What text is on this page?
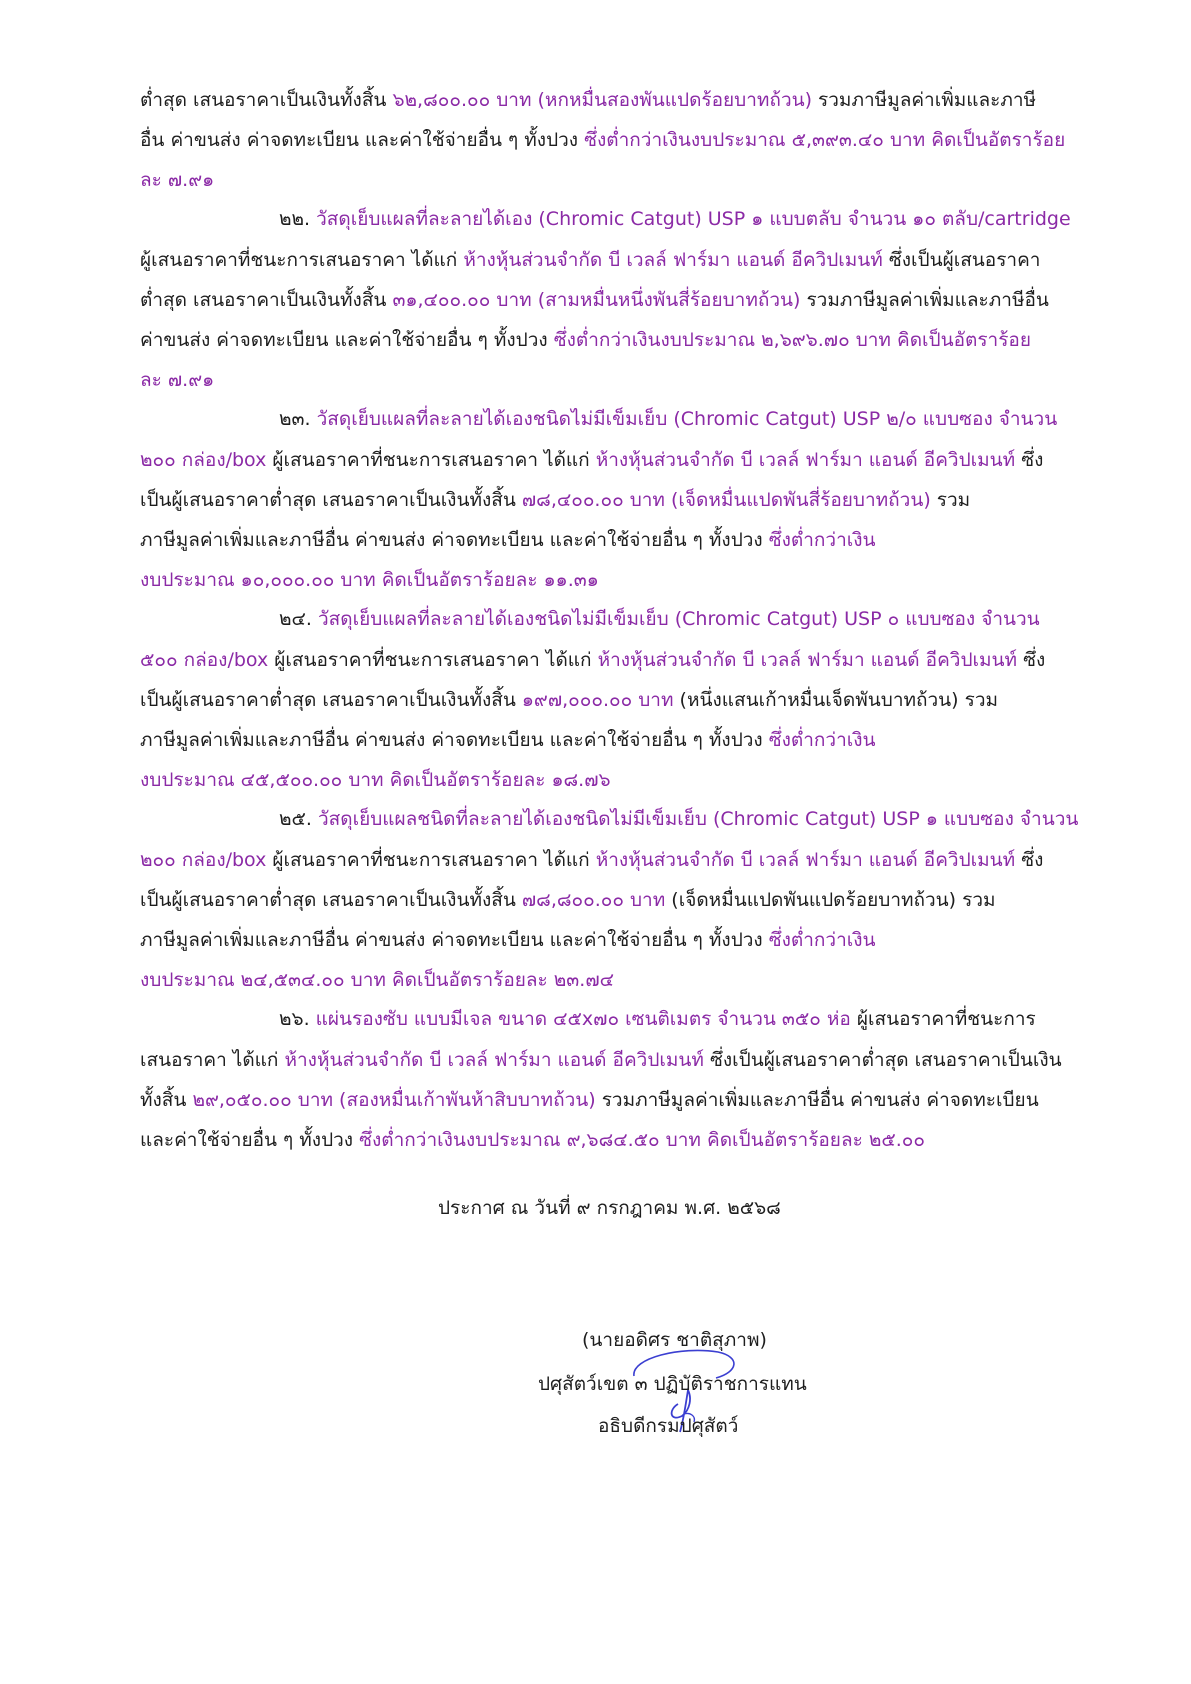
ต่ำสุด เสนอราคาเป็นเงินทั้งสิ้น ๖๒,๘๐๐.๐๐ บาท (หกหมื่นสองพันแปดร้อยบาทถ้วน) รวมภาษีมูลค่าเพิ่มและภาษี
อื่น ค่าขนส่ง ค่าจดทะเบียน และค่าใช้จ่ายอื่น ๆ ทั้งปวง ซึ่งต่ำกว่าเงินงบประมาณ ๕,๓๙๓.๔๐ บาท คิดเป็นอัตราร้อย
ละ ๗.๙๑
๒๒. วัสดุเย็บแผลที่ละลายได้เอง (Chromic Catgut) USP ๑ แบบตลับ จำนวน ๑๐ ตลับ/cartridge
ผู้เสนอราคาที่ชนะการเสนอราคา ได้แก่ ห้างหุ้นส่วนจำกัด บี เวลล์ ฟาร์มา แอนด์ อีควิปเมนท์ ซึ่งเป็นผู้เสนอราคา
ต่ำสุด เสนอราคาเป็นเงินทั้งสิ้น ๓๑,๔๐๐.๐๐ บาท (สามหมื่นหนึ่งพันสี่ร้อยบาทถ้วน) รวมภาษีมูลค่าเพิ่มและภาษีอื่น
ค่าขนส่ง ค่าจดทะเบียน และค่าใช้จ่ายอื่น ๆ ทั้งปวง ซึ่งต่ำกว่าเงินงบประมาณ ๒,๖๙๖.๗๐ บาท คิดเป็นอัตราร้อย
ละ ๗.๙๑
๒๓. วัสดุเย็บแผลที่ละลายได้เองชนิดไม่มีเข็มเย็บ (Chromic Catgut) USP ๒/๐ แบบซอง จำนวน
๒๐๐ กล่อง/box ผู้เสนอราคาที่ชนะการเสนอราคา ได้แก่ ห้างหุ้นส่วนจำกัด บี เวลล์ ฟาร์มา แอนด์ อีควิปเมนท์ ซึ่ง
เป็นผู้เสนอราคาต่ำสุด เสนอราคาเป็นเงินทั้งสิ้น ๗๘,๔๐๐.๐๐ บาท (เจ็ดหมื่นแปดพันสี่ร้อยบาทถ้วน) รวม
ภาษีมูลค่าเพิ่มและภาษีอื่น ค่าขนส่ง ค่าจดทะเบียน และค่าใช้จ่ายอื่น ๆ ทั้งปวง ซึ่งต่ำกว่าเงิน
งบประมาณ ๑๐,๐๐๐.๐๐ บาท คิดเป็นอัตราร้อยละ ๑๑.๓๑
๒๔. วัสดุเย็บแผลที่ละลายได้เองชนิดไม่มีเข็มเย็บ (Chromic Catgut) USP ๐ แบบซอง จำนวน
๕๐๐ กล่อง/box ผู้เสนอราคาที่ชนะการเสนอราคา ได้แก่ ห้างหุ้นส่วนจำกัด บี เวลล์ ฟาร์มา แอนด์ อีควิปเมนท์ ซึ่ง
เป็นผู้เสนอราคาต่ำสุด เสนอราคาเป็นเงินทั้งสิ้น ๑๙๗,๐๐๐.๐๐ บาท (หนึ่งแสนเก้าหมื่นเจ็ดพันบาทถ้วน) รวม
ภาษีมูลค่าเพิ่มและภาษีอื่น ค่าขนส่ง ค่าจดทะเบียน และค่าใช้จ่ายอื่น ๆ ทั้งปวง ซึ่งต่ำกว่าเงิน
งบประมาณ ๔๕,๕๐๐.๐๐ บาท คิดเป็นอัตราร้อยละ ๑๘.๗๖
๒๕. วัสดุเย็บแผลชนิดที่ละลายได้เองชนิดไม่มีเข็มเย็บ (Chromic Catgut) USP ๑ แบบซอง จำนวน
๒๐๐ กล่อง/box ผู้เสนอราคาที่ชนะการเสนอราคา ได้แก่ ห้างหุ้นส่วนจำกัด บี เวลล์ ฟาร์มา แอนด์ อีควิปเมนท์ ซึ่ง
เป็นผู้เสนอราคาต่ำสุด เสนอราคาเป็นเงินทั้งสิ้น ๗๘,๘๐๐.๐๐ บาท (เจ็ดหมื่นแปดพันแปดร้อยบาทถ้วน) รวม
ภาษีมูลค่าเพิ่มและภาษีอื่น ค่าขนส่ง ค่าจดทะเบียน และค่าใช้จ่ายอื่น ๆ ทั้งปวง ซึ่งต่ำกว่าเงิน
งบประมาณ ๒๔,๕๓๔.๐๐ บาท คิดเป็นอัตราร้อยละ ๒๓.๗๔
๒๖. แผ่นรองซับ แบบมีเจล ขนาด ๔๕x๗๐ เซนติเมตร จำนวน ๓๕๐ ห่อ ผู้เสนอราคาที่ชนะการ
เสนอราคา ได้แก่ ห้างหุ้นส่วนจำกัด บี เวลล์ ฟาร์มา แอนด์ อีควิปเมนท์ ซึ่งเป็นผู้เสนอราคาต่ำสุด เสนอราคาเป็นเงิน
ทั้งสิ้น ๒๙,๐๕๐.๐๐ บาท (สองหมื่นเก้าพันห้าสิบบาทถ้วน) รวมภาษีมูลค่าเพิ่มและภาษีอื่น ค่าขนส่ง ค่าจดทะเบียน
และค่าใช้จ่ายอื่น ๆ ทั้งปวง ซึ่งต่ำกว่าเงินงบประมาณ ๙,๖๘๔.๕๐ บาท คิดเป็นอัตราร้อยละ ๒๕.๐๐
ประกาศ ณ วันที่ ๙ กรกฎาคม พ.ศ. ๒๕๖๘
(นายอดิศร ชาติสุภาพ)
ปศุสัตว์เขต ๓ ปฏิบัติราชการแทน
อธิบดีกรมปศุสัตว์
